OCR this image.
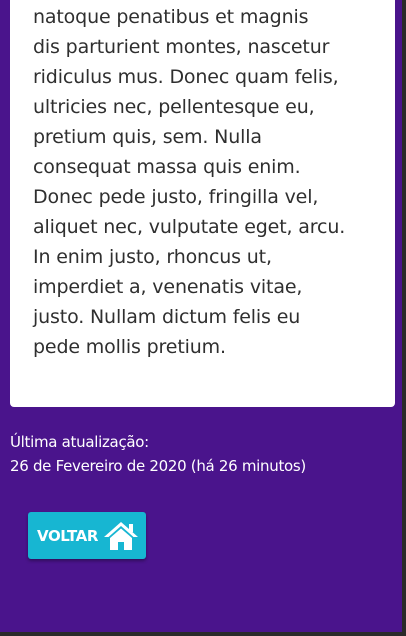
natoque penatibus et magnis
dis parturient montes, nascetur
ridiculus mus. Donec quam felis,
ultricies nec, pellentesque eu,
pretium quis, sem. Nulla
consequat massa quis enim.
Donec pede justo, fringilla vel,
aliquet nec, vulputate eget, arcu.
In enim justo, rhoncus ut,
imperdiet a, venenatis vitae,
justo. Nullam dictum felis eu
pede mollis pretium.

Última atualização:
26 de Fevereiro de 2020 (há 26 minutos)
VOLTAR
